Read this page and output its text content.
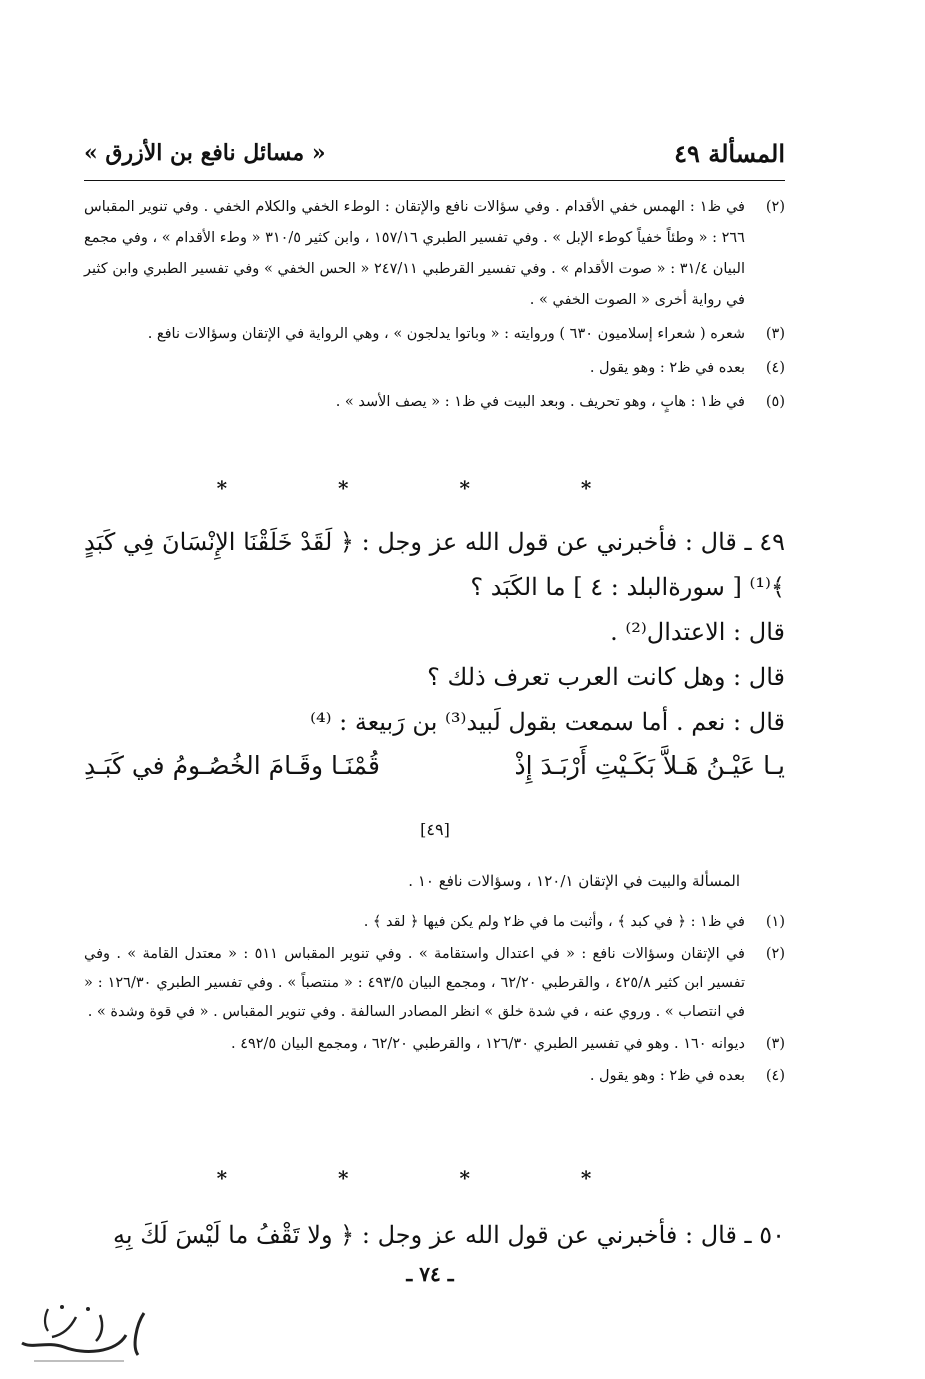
المسألة ٤٩
« مسائل نافع بن الأزرق »
(٢)
في ظ١ : الهمس خفي الأقدام . وفي سؤالات نافع والإتقان : الوطء الخفي والكلام الخفي . وفي تنوير المقباس ٢٦٦ : « وطئاً خفياً كوطء الإبل » . وفي تفسير الطبري ١٥٧/١٦ ، وابن كثير ٣١٠/٥ « وطء الأقدام » ، وفي مجمع البيان ٣١/٤ : « صوت الأقدام » . وفي تفسير القرطبي ٢٤٧/١١ « الحس الخفي » وفي تفسير الطبري وابن كثير في رواية أخرى « الصوت الخفي » .
(٣)
شعره ( شعراء إسلاميون ٦٣٠ ) وروايته : « وباتوا يدلجون » ، وهي الرواية في الإتقان وسؤالات نافع .
(٤)
بعده في ظ٢ : وهو يقول .
(٥)
في ظ١ : هابٍ ، وهو تحريف . وبعد البيت في ظ١ : « يصف الأسد » .
* * * *

٤٩ ـ قال : فأخبرني عن قول الله عز وجل : ﴿ لَقَدْ خَلَقْنَا الإِنْسَانَ فِي كَبَدٍ ﴾⁽¹⁾ [ سورةالبلد : ٤ ] ما الكَبَد ؟

قال : الاعتدال⁽²⁾ .

قال : وهل كانت العرب تعرف ذلك ؟

قال : نعم . أما سمعت بقول لَبيد⁽³⁾ بن رَبيعة : ⁽⁴⁾

يـا عَيْـنُ هَـلاَّ بَكَـيْتِ أَرْبَـدَ إِذْ
قُمْنَـا وقَـامَ الخُصُـومُ في كَبَـدِ
[٤٩]
المسألة والبيت في الإتقان ١٢٠/١ ، وسؤالات نافع ١٠ .
(١)
في ظ١ : ﴿ في كبد ﴾ ، وأثبت ما في ظ٢ ولم يكن فيها ﴿ لقد ﴾ .
(٢)
في الإتقان وسؤالات نافع : « في اعتدال واستقامة » . وفي تنوير المقباس ٥١١ : « معتدل القامة » . وفي تفسير ابن كثير ٤٢٥/٨ ، والقرطبي ٦٢/٢٠ ، ومجمع البيان ٤٩٣/٥ : « منتصباً » . وفي تفسير الطبري ١٢٦/٣٠ : « في انتصاب » . وروي عنه ، في شدة خلق » انظر المصادر السالفة . وفي تنوير المقباس . « في قوة وشدة » .
(٣)
ديوانه ١٦٠ . وهو في تفسير الطبري ١٢٦/٣٠ ، والقرطبي ٦٢/٢٠ ، ومجمع البيان ٤٩٢/٥ .
(٤)
بعده في ظ٢ : وهو يقول .
* * * *
٥٠ ـ قال : فأخبرني عن قول الله عز وجل : ﴿ ولا تَقْفُ ما لَيْسَ لَكَ بِهِ
ـ ٧٤ ـ
